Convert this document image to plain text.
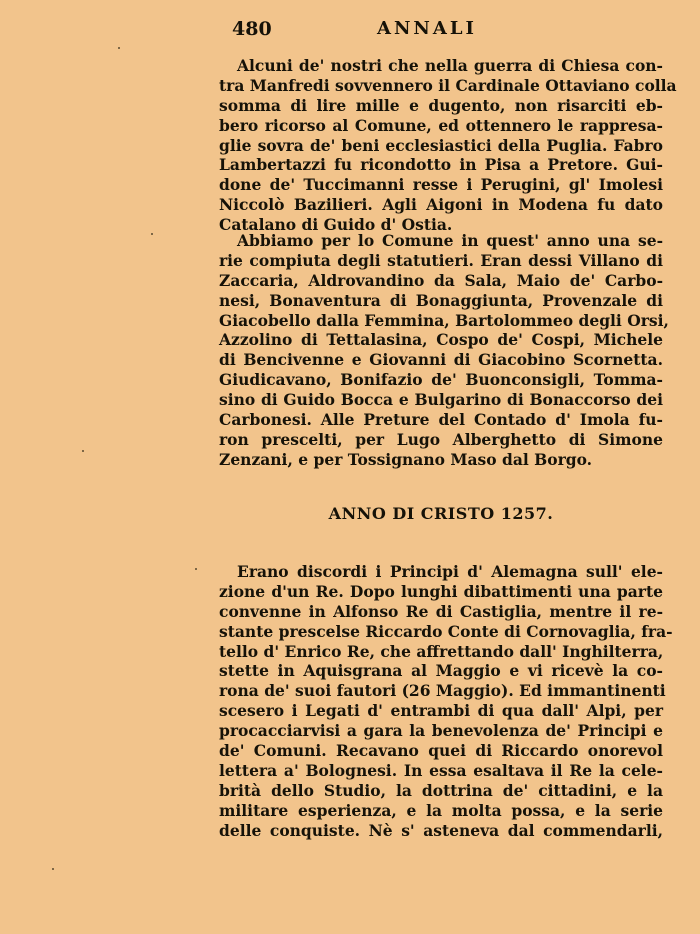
480	ANNALI
Alcuni de' nostri che nella guerra di Chiesa con-
tra Manfredi sovvennero il Cardinale Ottaviano colla
somma di lire mille e dugento, non risarciti eb-
bero ricorso al Comune, ed ottennero le rappresa-
glie sovra de' beni ecclesiastici della Puglia. Fabro
Lambertazzi fu ricondotto in Pisa a Pretore. Gui-
done de' Tuccimanni resse i Perugini, gl' Imolesi
Niccolò Bazilieri. Agli Aigoni in Modena fu dato
Catalano di Guido d' Ostia.
Abbiamo per lo Comune in quest' anno una se-
rie compiuta degli statutieri. Eran dessi Villano di
Zaccaria, Aldrovandino da Sala, Maio de' Carbo-
nesi, Bonaventura di Bonaggiunta, Provenzale di
Giacobello dalla Femmina, Bartolommeo degli Orsi,
Azzolino di Tettalasina, Cospo de' Cospi, Michele
di Bencivenne e Giovanni di Giacobino Scornetta.
Giudicavano, Bonifazio de' Buonconsigli, Tomma-
sino di Guido Bocca e Bulgarino di Bonaccorso dei
Carbonesi. Alle Preture del Contado d' Imola fu-
ron prescelti, per Lugo Alberghetto di Simone
Zenzani, e per Tossignano Maso dal Borgo.
ANNO DI CRISTO 1257.
Erano discordi i Principi d' Alemagna sull' ele-
zione d'un Re. Dopo lunghi dibattimenti una parte
convenne in Alfonso Re di Castiglia, mentre il re-
stante prescelse Riccardo Conte di Cornovaglia, fra-
tello d' Enrico Re, che affrettando dall' Inghilterra,
stette in Aquisgrana al Maggio e vi ricevè la co-
rona de' suoi fautori (26 Maggio). Ed immantinenti
scesero i Legati d' entrambi di qua dall' Alpi, per
procacciarvisi a gara la benevolenza de' Principi e
de' Comuni. Recavano quei di Riccardo onorevol
lettera a' Bolognesi. In essa esaltava il Re la cele-
brità dello Studio, la dottrina de' cittadini, e la
militare esperienza, e la molta possa, e la serie
delle conquiste. Nè s' asteneva dal commendarli,
